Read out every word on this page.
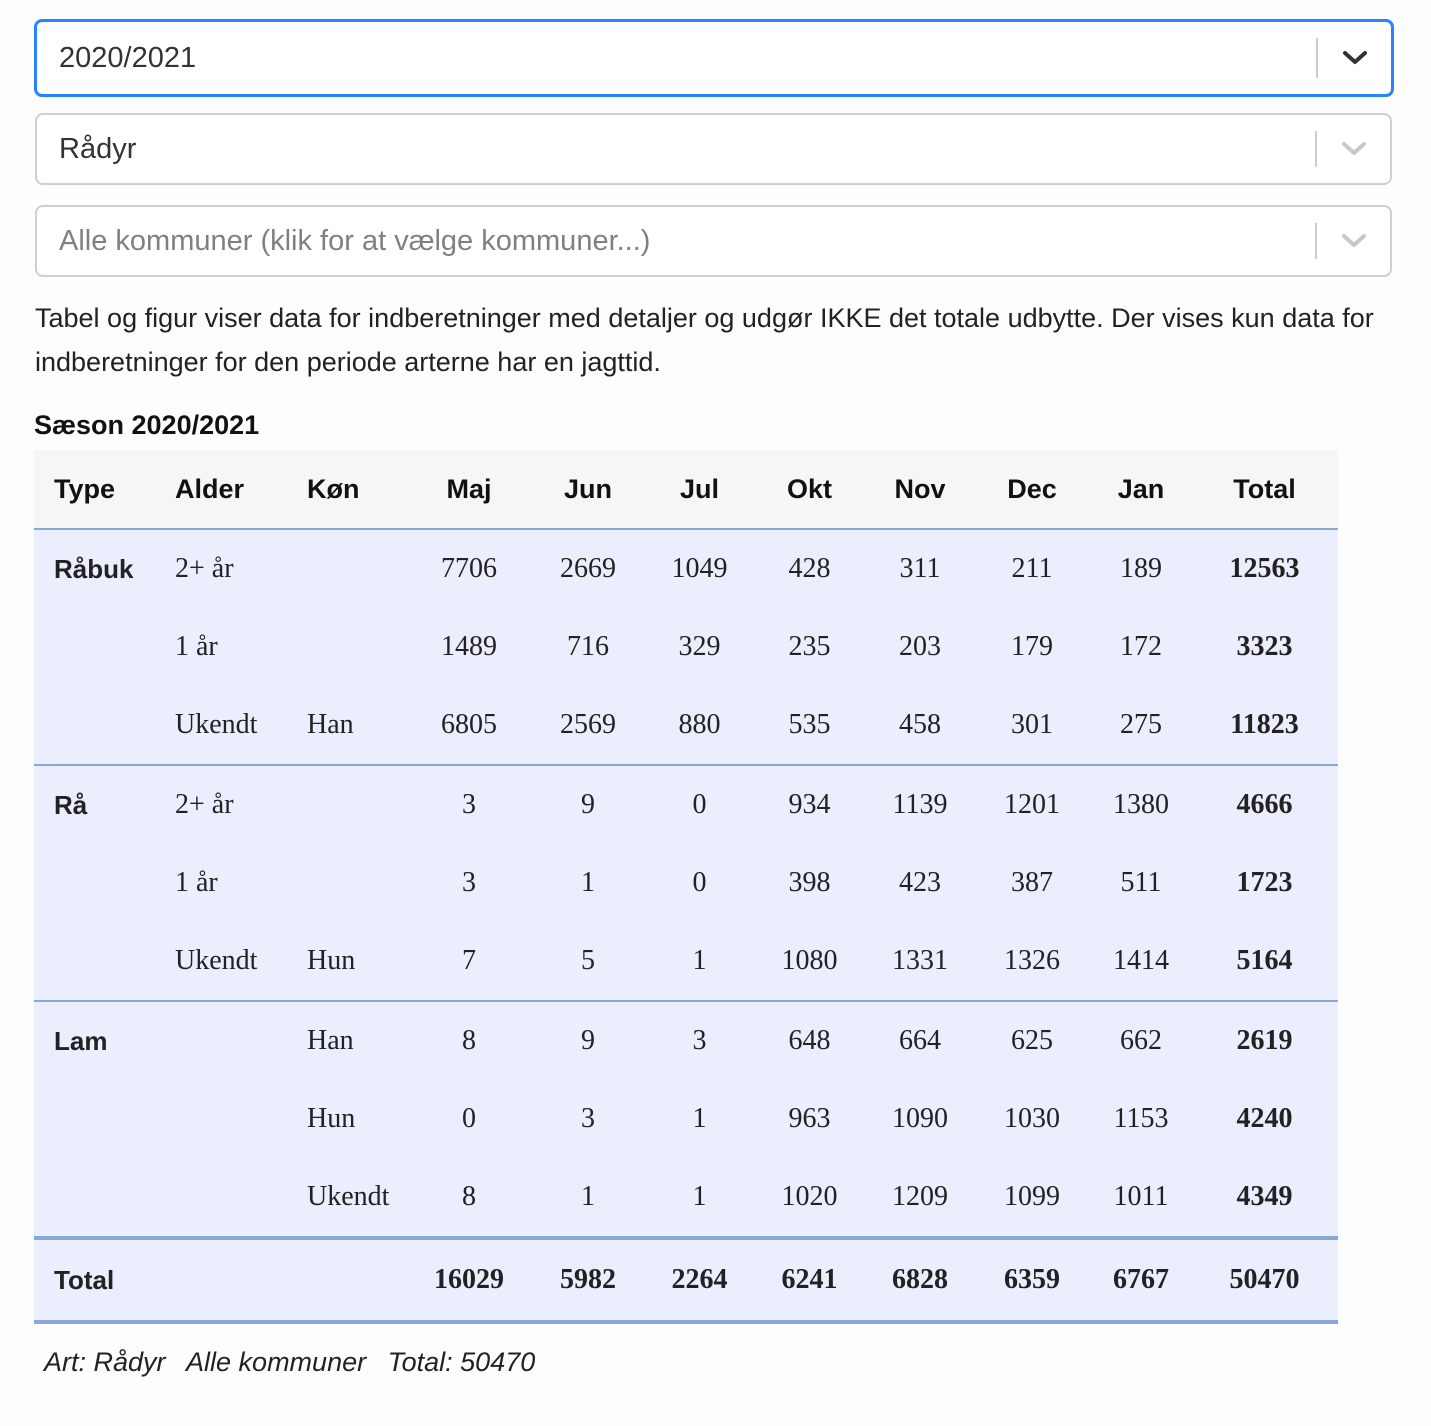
2020/2021
Rådyr
Alle kommuner (klik for at vælge kommuner...)
Tabel og figur viser data for indberetninger med detaljer og udgør IKKE det totale udbytte. Der vises kun data for indberetninger for den periode arterne har en jagttid.
Sæson 2020/2021
Type	Alder	Køn	Maj	Jun	Jul	Okt	Nov	Dec	Jan	Total
Råbuk	2+ år		7706	2669	1049	428	311	211	189	12563
	1 år		1489	716	329	235	203	179	172	3323
	Ukendt	Han	6805	2569	880	535	458	301	275	11823
Rå	2+ år		3	9	0	934	1139	1201	1380	4666
	1 år		3	1	0	398	423	387	511	1723
	Ukendt	Hun	7	5	1	1080	1331	1326	1414	5164
Lam		Han	8	9	3	648	664	625	662	2619
		Hun	0	3	1	963	1090	1030	1153	4240
		Ukendt	8	1	1	1020	1209	1099	1011	4349
Total			16029	5982	2264	6241	6828	6359	6767	50470
Art: Rådyr Alle kommuner Total: 50470
